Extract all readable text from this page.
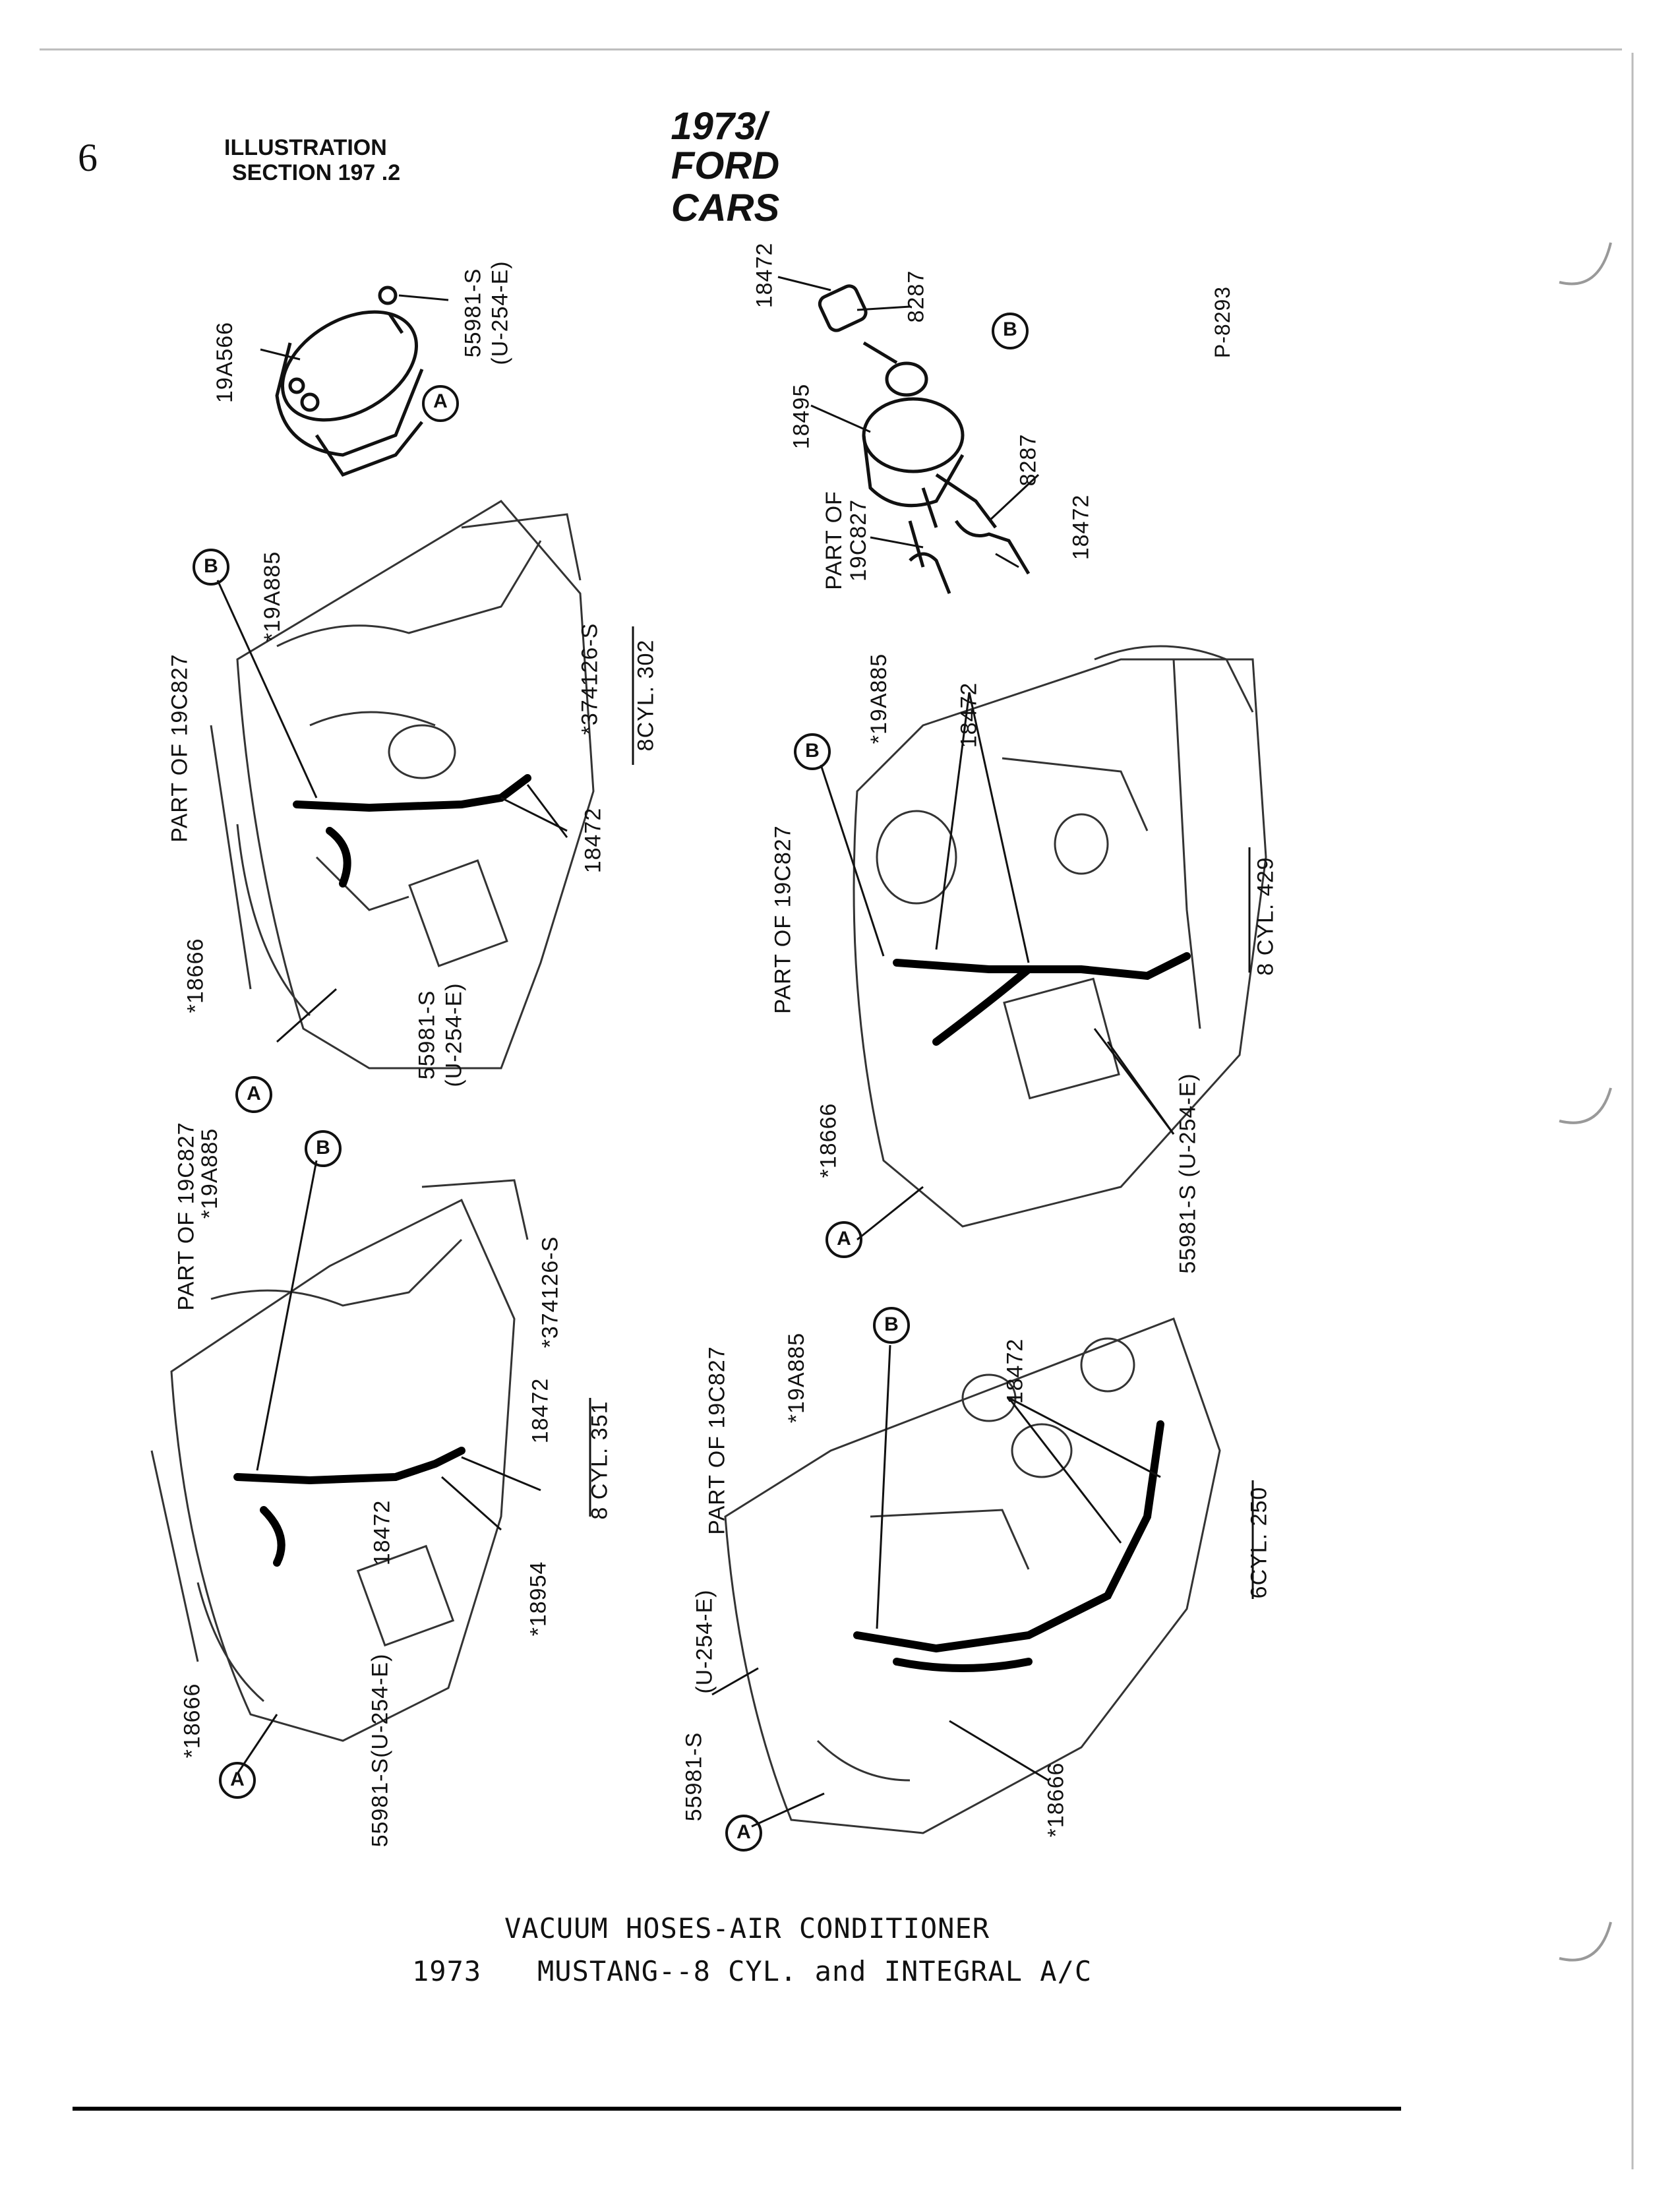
6	ILLUSTRATION
SECTION 197 .2
1973/
FORD CARS
A
B
B
A
B
A
B
A
B
A
19A566
55981-S (U-254-E)	18472	8287
18495
PART OF 19C827
8287
18472
P-8293
*19A885
PART OF 19C827	*374126-S
18472
*18666
55981-S (U-254-E)
8CYL. 302	*19A885	18472
PART OF 19C827
*18666	55981-S (U-254-E)
8 CYL. 429
PART OF 19C827
*19A885
*374126-S
18472
18472
*18954
*18666	55981-S(U-254-E)
8 CYL. 351	PART OF 19C827 *19A885	18472
55981-S
(U-254-E)
*18666
6CYL. 250
VACUUM HOSES-AIR CONDITIONER
1973 MUSTANG--8 CYL. and INTEGRAL A/C
